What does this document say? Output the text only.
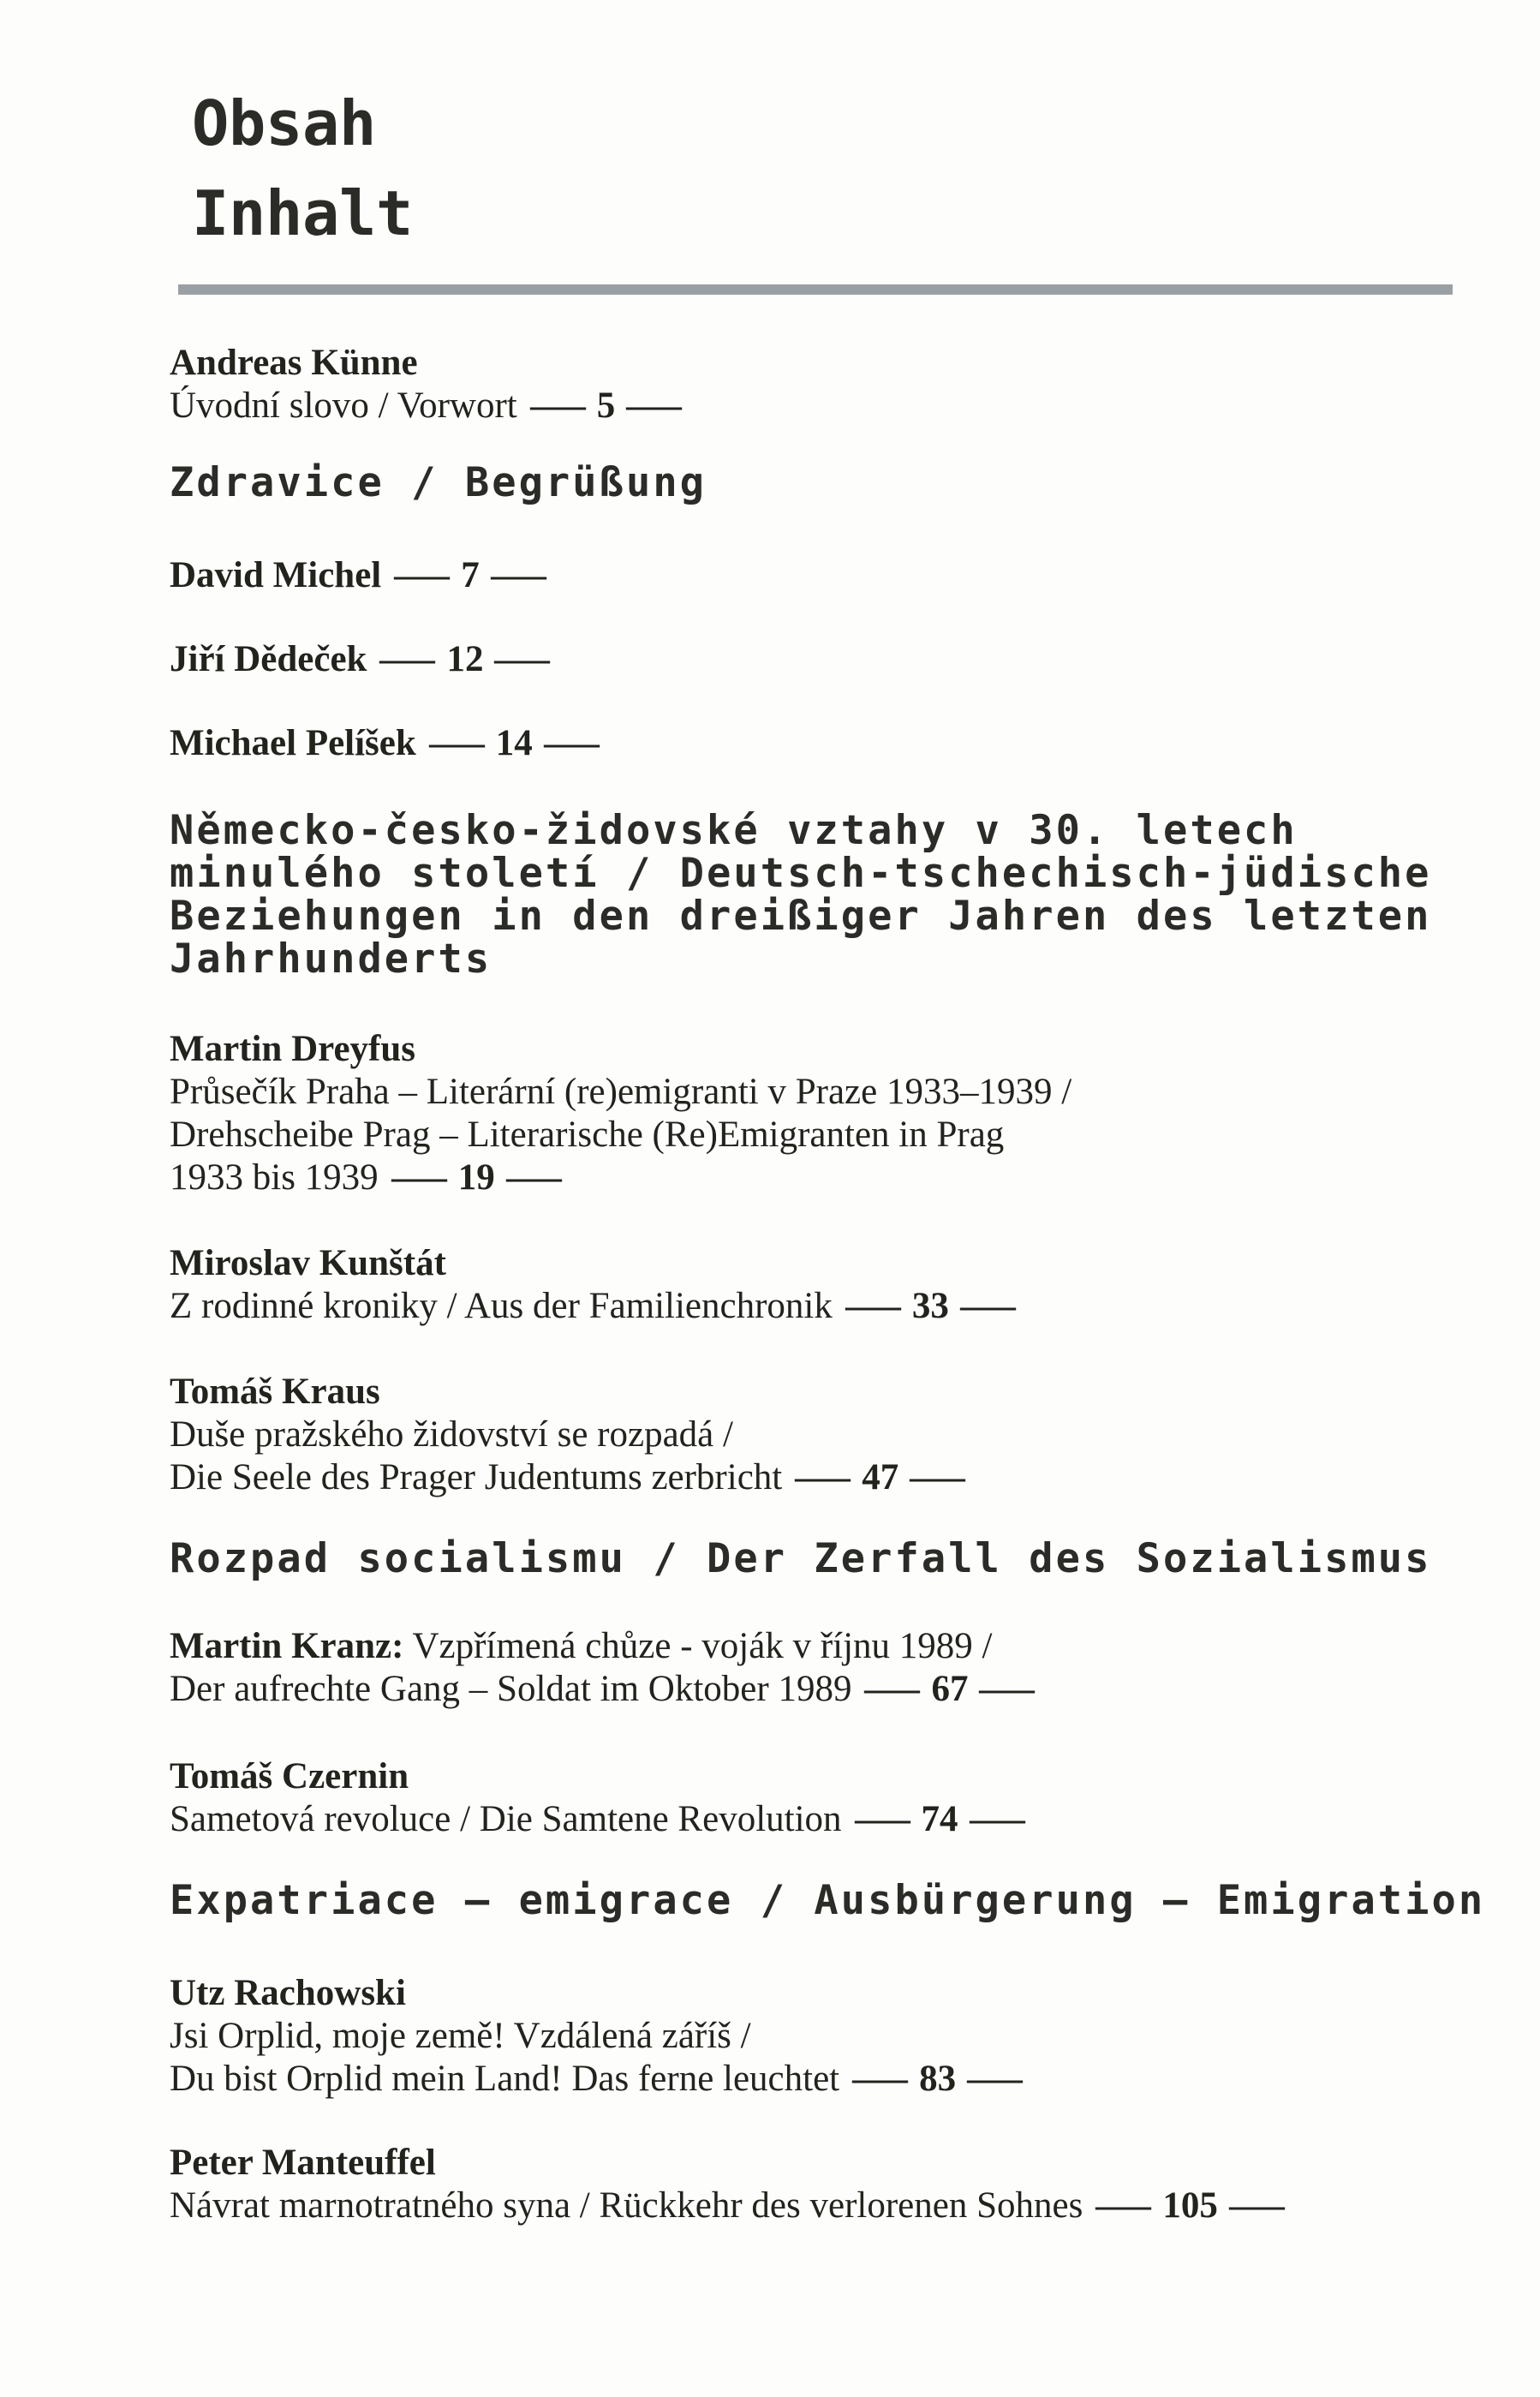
Obsah
Inhalt
Andreas Künne
Úvodní slovo / Vorwort — 5 —
Zdravice / Begrüßung
David Michel — 7 —
Jiří Dědeček — 12 —
Michael Pelíšek — 14 —
Německo-česko-židovské vztahy v 30. letech
minulého století / Deutsch-tschechisch-jüdische
Beziehungen in den dreißiger Jahren des letzten
Jahrhunderts
Martin Dreyfus
Průsečík Praha – Literární (re)emigranti v Praze 1933–1939 /
Drehscheibe Prag – Literarische (Re)Emigranten in Prag
1933 bis 1939 — 19 —
Miroslav Kunštát
Z rodinné kroniky / Aus der Familienchronik — 33 —
Tomáš Kraus
Duše pražského židovství se rozpadá /
Die Seele des Prager Judentums zerbricht — 47 —
Rozpad socialismu / Der Zerfall des Sozialismus
Martin Kranz: Vzpřímená chůze - voják v říjnu 1989 /
Der aufrechte Gang – Soldat im Oktober 1989 — 67 —
Tomáš Czernin
Sametová revoluce / Die Samtene Revolution — 74 —
Expatriace – emigrace / Ausbürgerung – Emigration
Utz Rachowski
Jsi Orplid, moje země! Vzdálená záříš /
Du bist Orplid mein Land! Das ferne leuchtet — 83 —
Peter Manteuffel
Návrat marnotratného syna / Rückkehr des verlorenen Sohnes — 105 —
